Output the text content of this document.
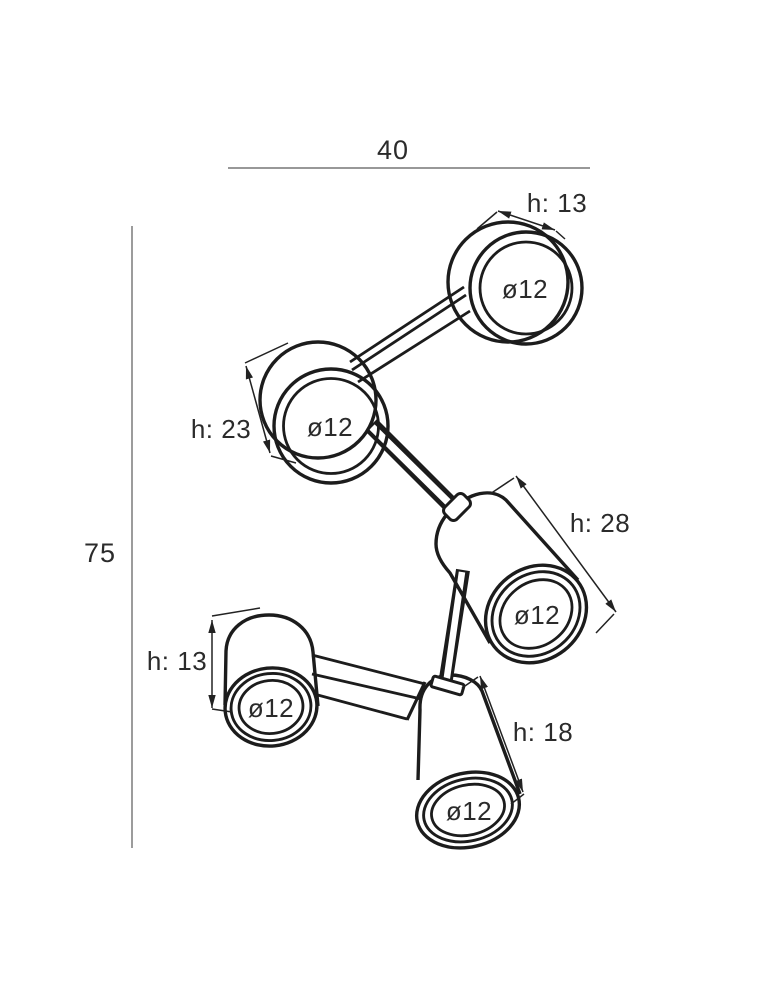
40
75
ø12
ø12
ø12
ø12
ø12
h: 13
h: 23
h: 28
h: 13
h: 18
